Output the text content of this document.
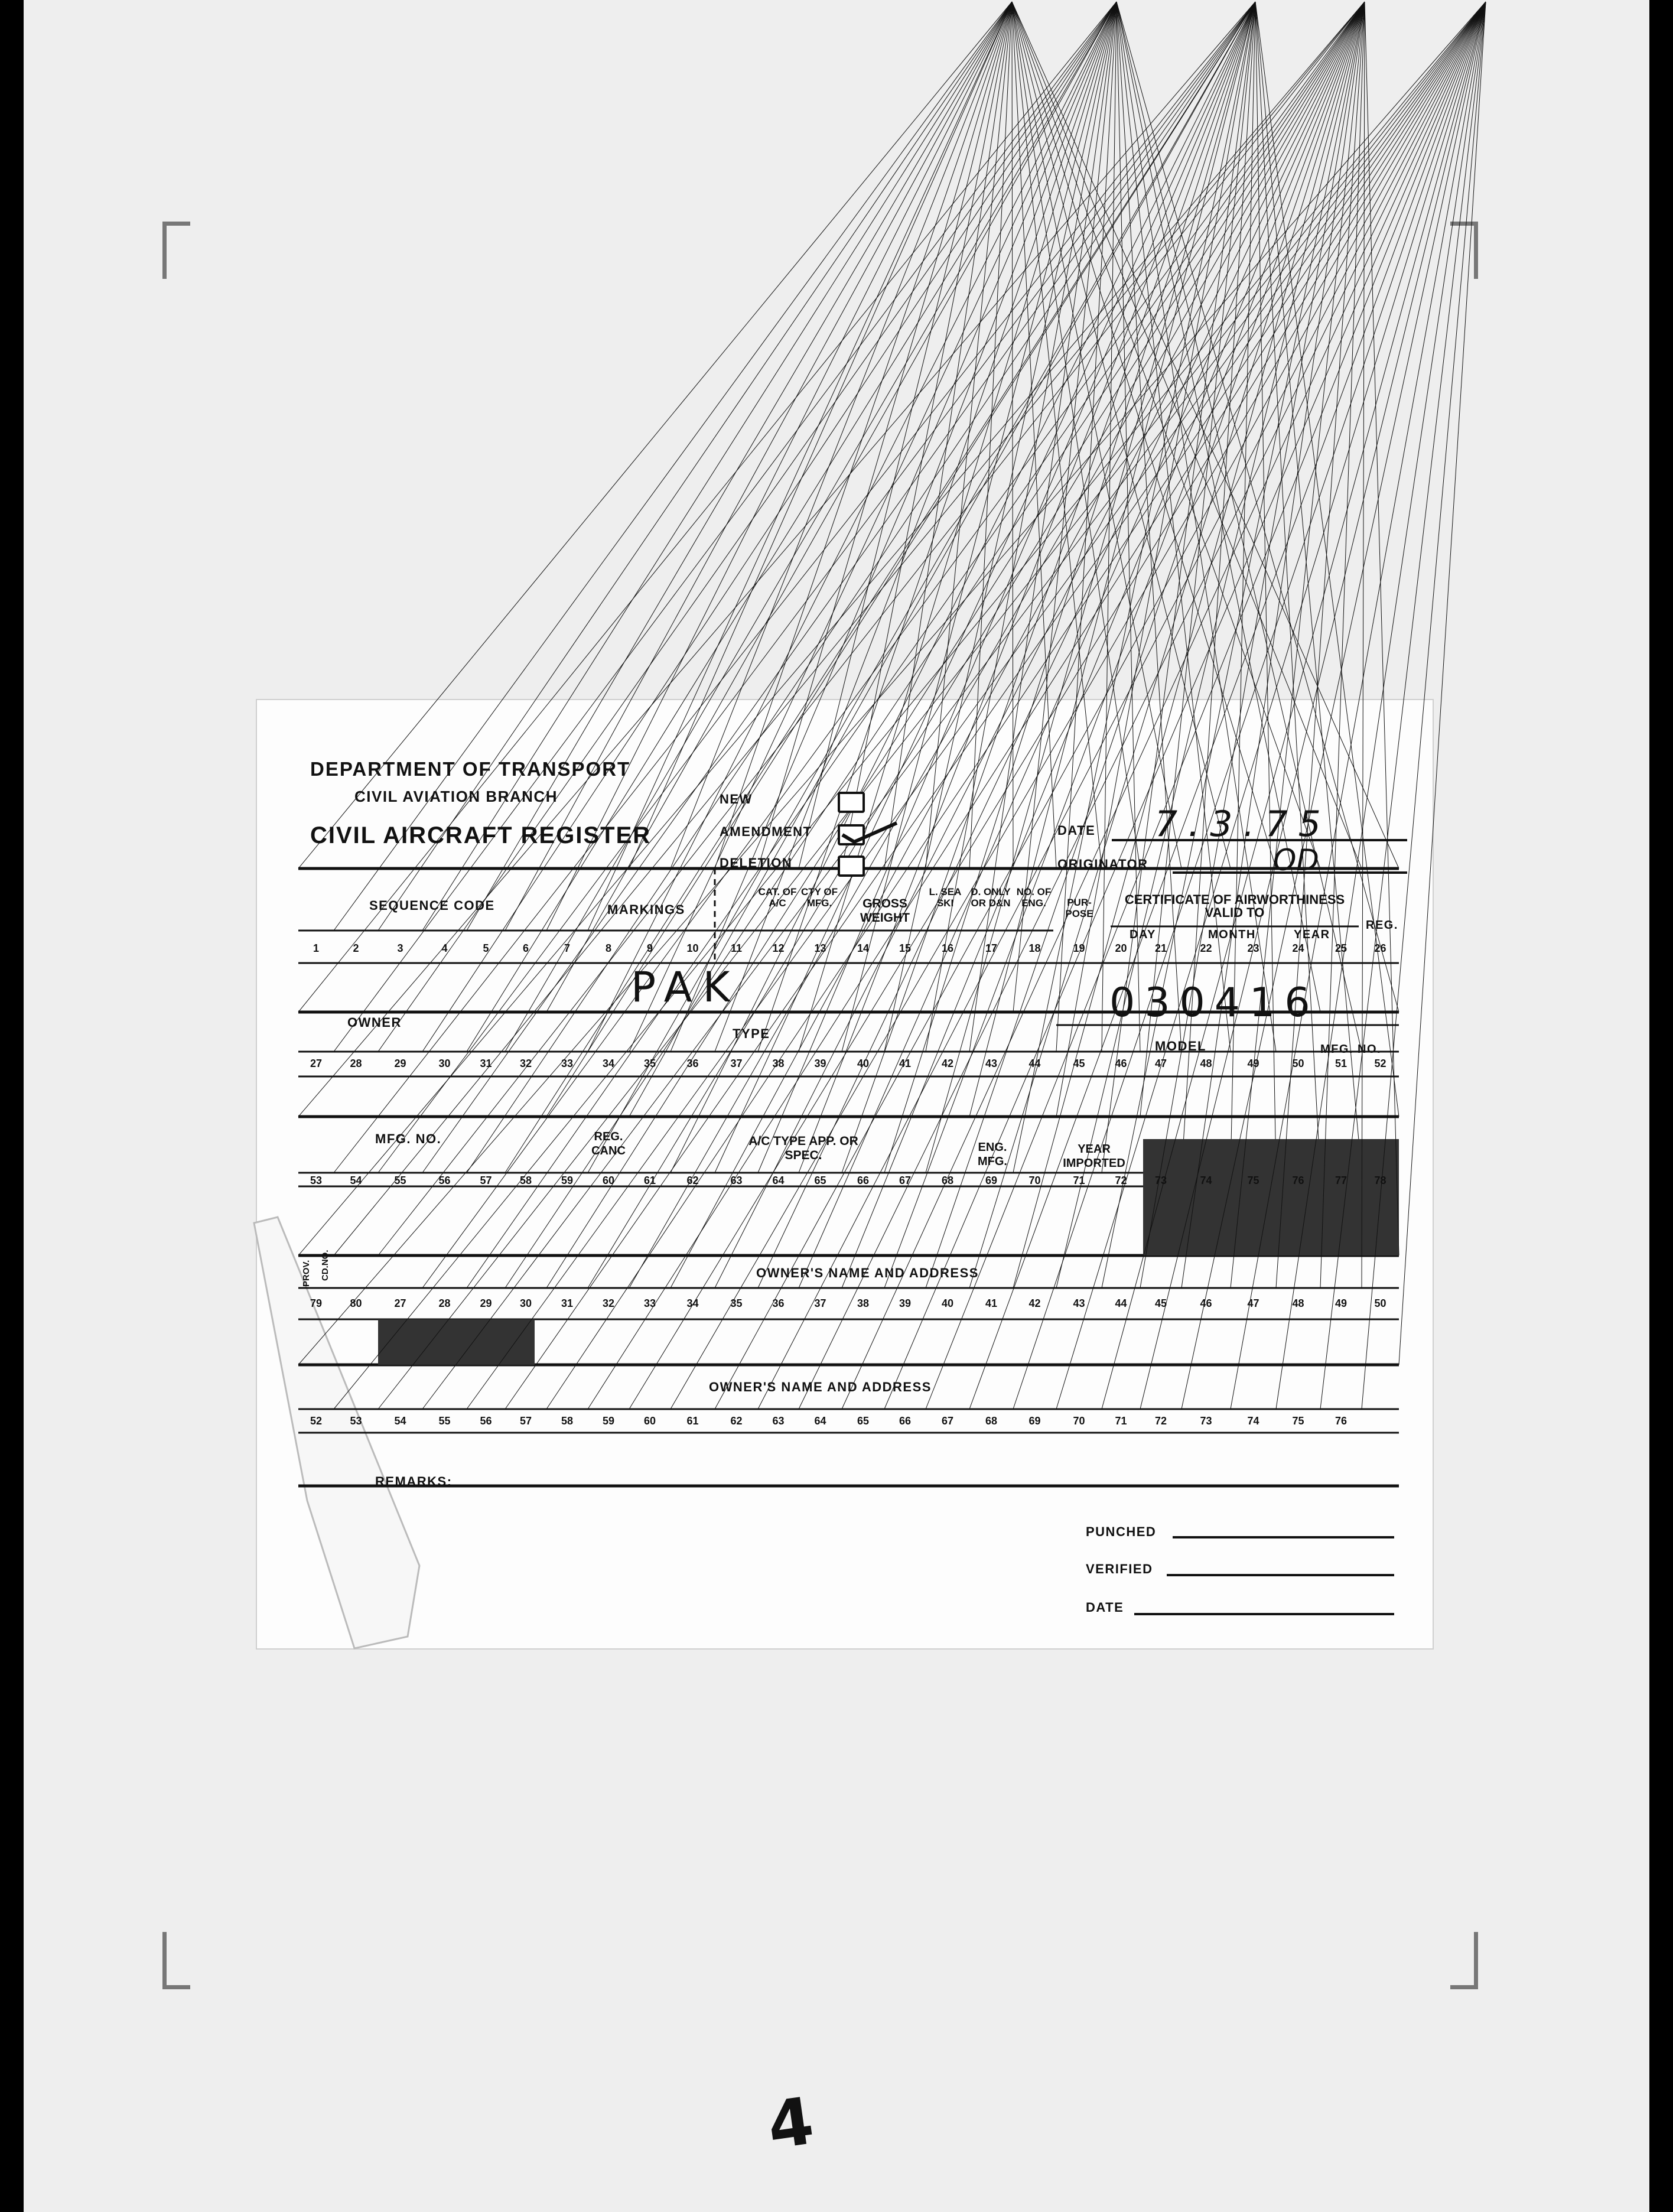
DEPARTMENT OF TRANSPORT
CIVIL AVIATION BRANCH
CIVIL AIRCRAFT REGISTER
NEW
AMENDMENT
DELETION
DATE 7.3.75
ORIGINATOR	OD
SEQUENCE CODE	MARKINGS
CAT. OF A/C
CTY OF MFG.	GROSS WEIGHT
L. SEA SKI
D. ONLY OR D&N
NO. OF ENG.	PUR- POSE
CERTIFICATE OF AIRWORTHINESS VALID TO
DAY	MONTH	YEAR
REG.
PAK	030416
OWNER
TYPE
MODEL	MFG. NO.
MFG. NO.	REG. CANC
A/C TYPE APP. OR SPEC.
ENG. MFG.
YEAR IMPORTED
PROV. CD.NO.	OWNER'S NAME AND ADDRESS
OWNER'S NAME AND ADDRESS
REMARKS:
PUNCHED
VERIFIED
DATE
4
1	2	3	4	5	6	7	8	9	10	11	12	13	14	15	16	17	18	19	20	21	22	23	24	25	26
27	28	29	30	31	32	33	34	35	36	37	38	39	40	41	42	43	44	45	46	47	48	49	50	51	52
53	54	55	56	57	58	59	60	61	62	63	64	65	66	67	68	69	70	71	72	73	74	75	76	77	78
79	80	27	28	29	30	31	32	33	34	35	36	37	38	39	40	41	42	43	44	45	46	47	48	49	50
52	53	54	55	56	57	58	59	60	61	62	63	64	65	66	67	68	69	70	71	72	73	74	75	76
